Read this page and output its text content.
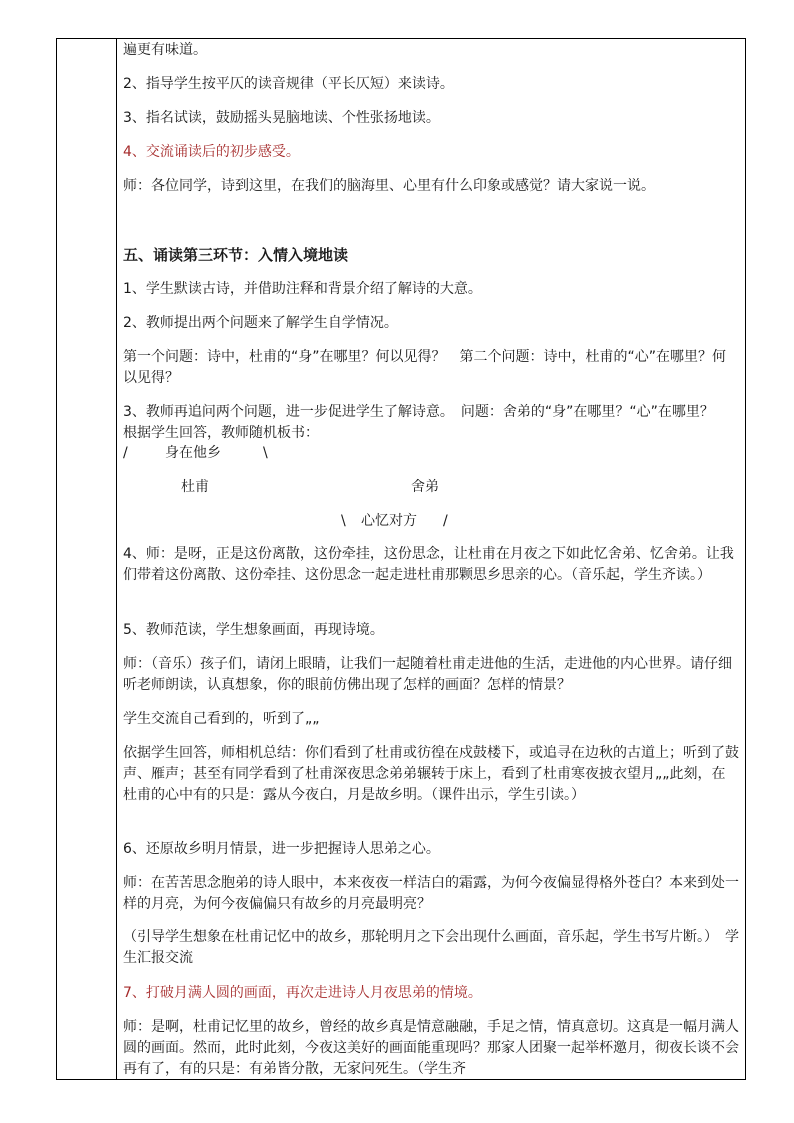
遍更有味道。

2、指导学生按平仄的读音规律（平长仄短）来读诗。

3、指名试读，鼓励摇头晃脑地读、个性张扬地读。

4、交流诵读后的初步感受。

师：各位同学，诗到这里，在我们的脑海里、心里有什么印象或感觉？请大家说一说。

五、诵读第三环节：入情入境地读

1、学生默读古诗，并借助注释和背景介绍了解诗的大意。

2、教师提出两个问题来了解学生自学情况。

第一个问题：诗中，杜甫的“身”在哪里？何以见得？　第二个问题：诗中，杜甫的“心”在哪里？何以见得？

3、教师再追问两个问题，进一步促进学生了解诗意。　问题：舍弟的“身”在哪里？“心”在哪里？　根据学生回答，教师随机板书：

/	身在他乡	\
杜甫	舍弟
\ 心忆对方 /

4、师：是呀，正是这份离散，这份牵挂，这份思念，让杜甫在月夜之下如此忆舍弟、忆舍弟。让我们带着这份离散、这份牵挂、这份思念一起走进杜甫那颗思乡思亲的心。（音乐起，学生齐读。）

5、教师范读，学生想象画面，再现诗境。

师：（音乐）孩子们，请闭上眼睛，让我们一起随着杜甫走进他的生活，走进他的内心世界。请仔细听老师朗读，认真想象，你的眼前仿佛出现了怎样的画面？怎样的情景？

学生交流自己看到的，听到了„„

依据学生回答，师相机总结：你们看到了杜甫或彷徨在戍鼓楼下，或追寻在边秋的古道上；听到了鼓声、雁声；甚至有同学看到了杜甫深夜思念弟弟辗转于床上，看到了杜甫寒夜披衣望月„„此刻，在杜甫的心中有的只是：露从今夜白，月是故乡明。（课件出示，学生引读。）

6、还原故乡明月情景，进一步把握诗人思弟之心。

师：在苦苦思念胞弟的诗人眼中，本来夜夜一样洁白的霜露，为何今夜偏显得格外苍白？本来到处一样的月亮，为何今夜偏偏只有故乡的月亮最明亮？

（引导学生想象在杜甫记忆中的故乡，那轮明月之下会出现什么画面，音乐起，学生书写片断。）　学生汇报交流

7、打破月满人圆的画面，再次走进诗人月夜思弟的情境。

师：是啊，杜甫记忆里的故乡，曾经的故乡真是情意融融，手足之情，情真意切。这真是一幅月满人圆的画面。然而，此时此刻，今夜这美好的画面能重现吗？那家人团聚一起举杯邀月，彻夜长谈不会再有了，有的只是：有弟皆分散，无家问死生。（学生齐
